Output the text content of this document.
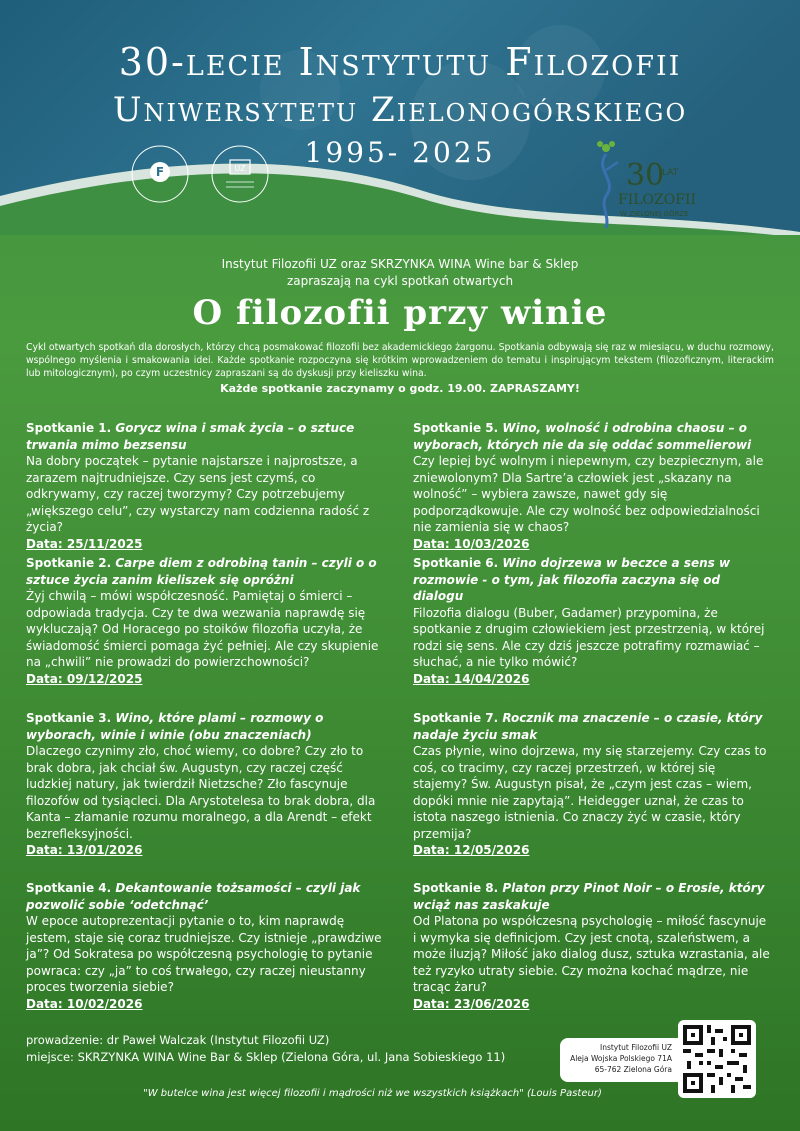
30-lecie Instytutu Filozofii
Uniwersytetu Zielonogórskiego
1995- 2025
F	UZ	30
LAT
FILOZOFII
W ZIELONEJ GÓRZE
Instytut Filozofii UZ oraz SKRZYNKA WINA Wine bar & Sklep
zapraszają na cykl spotkań otwartych
O filozofii przy winie
Cykl otwartych spotkań dla dorosłych, którzy chcą posmakować filozofii bez akademickiego żargonu. Spotkania odbywają się raz w miesiącu, w duchu rozmowy, wspólnego myślenia i smakowania idei. Każde spotkanie rozpoczyna się krótkim wprowadzeniem do tematu i inspirującym tekstem (filozoficznym, literackim lub mitologicznym), po czym uczestnicy zapraszani są do dyskusji przy kieliszku wina.
Każde spotkanie zaczynamy o godz. 19.00. ZAPRASZAMY!
Spotkanie 1. Gorycz wina i smak życia – o sztuce trwania mimo bezsensu
Na dobry początek – pytanie najstarsze i najprostsze, a zarazem najtrudniejsze. Czy sens jest czymś, co odkrywamy, czy raczej tworzymy? Czy potrzebujemy „większego celu”, czy wystarczy nam codzienna radość z życia?
Data: 25/11/2025
Spotkanie 2. Carpe diem z odrobiną tanin – czyli o o sztuce życia zanim kieliszek się opróżni
Żyj chwilą – mówi współczesność. Pamiętaj o śmierci – odpowiada tradycja. Czy te dwa wezwania naprawdę się wykluczają? Od Horacego po stoików filozofia uczyła, że świadomość śmierci pomaga żyć pełniej. Ale czy skupienie na „chwili” nie prowadzi do powierzchowności?
Data: 09/12/2025
Spotkanie 3. Wino, które plami – rozmowy o wyborach, winie i winie (obu znaczeniach)
Dlaczego czynimy zło, choć wiemy, co dobre? Czy zło to brak dobra, jak chciał św. Augustyn, czy raczej część ludzkiej natury, jak twierdził Nietzsche? Zło fascynuje filozofów od tysiącleci. Dla Arystotelesa to brak dobra, dla Kanta – złamanie rozumu moralnego, a dla Arendt – efekt bezrefleksyjności.
Data: 13/01/2026
Spotkanie 4. Dekantowanie tożsamości – czyli jak pozwolić sobie ‘odetchnąć’
W epoce autoprezentacji pytanie o to, kim naprawdę jestem, staje się coraz trudniejsze. Czy istnieje „prawdziwe ja”? Od Sokratesa po współczesną psychologię to pytanie powraca: czy „ja” to coś trwałego, czy raczej nieustanny proces tworzenia siebie?
Data: 10/02/2026
Spotkanie 5. Wino, wolność i odrobina chaosu – o wyborach, których nie da się oddać sommelierowi
Czy lepiej być wolnym i niepewnym, czy bezpiecznym, ale zniewolonym? Dla Sartre’a człowiek jest „skazany na wolność” – wybiera zawsze, nawet gdy się podporządkowuje. Ale czy wolność bez odpowiedzialności nie zamienia się w chaos?
Data: 10/03/2026
Spotkanie 6. Wino dojrzewa w beczce a sens w rozmowie - o tym, jak filozofia zaczyna się od dialogu
Filozofia dialogu (Buber, Gadamer) przypomina, że spotkanie z drugim człowiekiem jest przestrzenią, w której rodzi się sens. Ale czy dziś jeszcze potrafimy rozmawiać – słuchać, a nie tylko mówić?
Data: 14/04/2026
Spotkanie 7. Rocznik ma znaczenie – o czasie, który nadaje życiu smak
Czas płynie, wino dojrzewa, my się starzejemy. Czy czas to coś, co tracimy, czy raczej przestrzeń, w której się stajemy? Św. Augustyn pisał, że „czym jest czas – wiem, dopóki mnie nie zapytają”. Heidegger uznał, że czas to istota naszego istnienia. Co znaczy żyć w czasie, który przemija?
Data: 12/05/2026
Spotkanie 8. Platon przy Pinot Noir – o Erosie, który wciąż nas zaskakuje
Od Platona po współczesną psychologię – miłość fascynuje i wymyka się definicjom. Czy jest cnotą, szaleństwem, a może iluzją? Miłość jako dialog dusz, sztuka wzrastania, ale też ryzyko utraty siebie. Czy można kochać mądrze, nie tracąc żaru?
Data: 23/06/2026
prowadzenie: dr Paweł Walczak (Instytut Filozofii UZ)
miejsce: SKRZYNKA WINA Wine Bar & Sklep (Zielona Góra, ul. Jana Sobieskiego 11)
Instytut Filozofii UZ
Aleja Wojska Polskiego 71A
65-762 Zielona Góra
"W butelce wina jest więcej filozofii i mądrości niż we wszystkich książkach" (Louis Pasteur)
